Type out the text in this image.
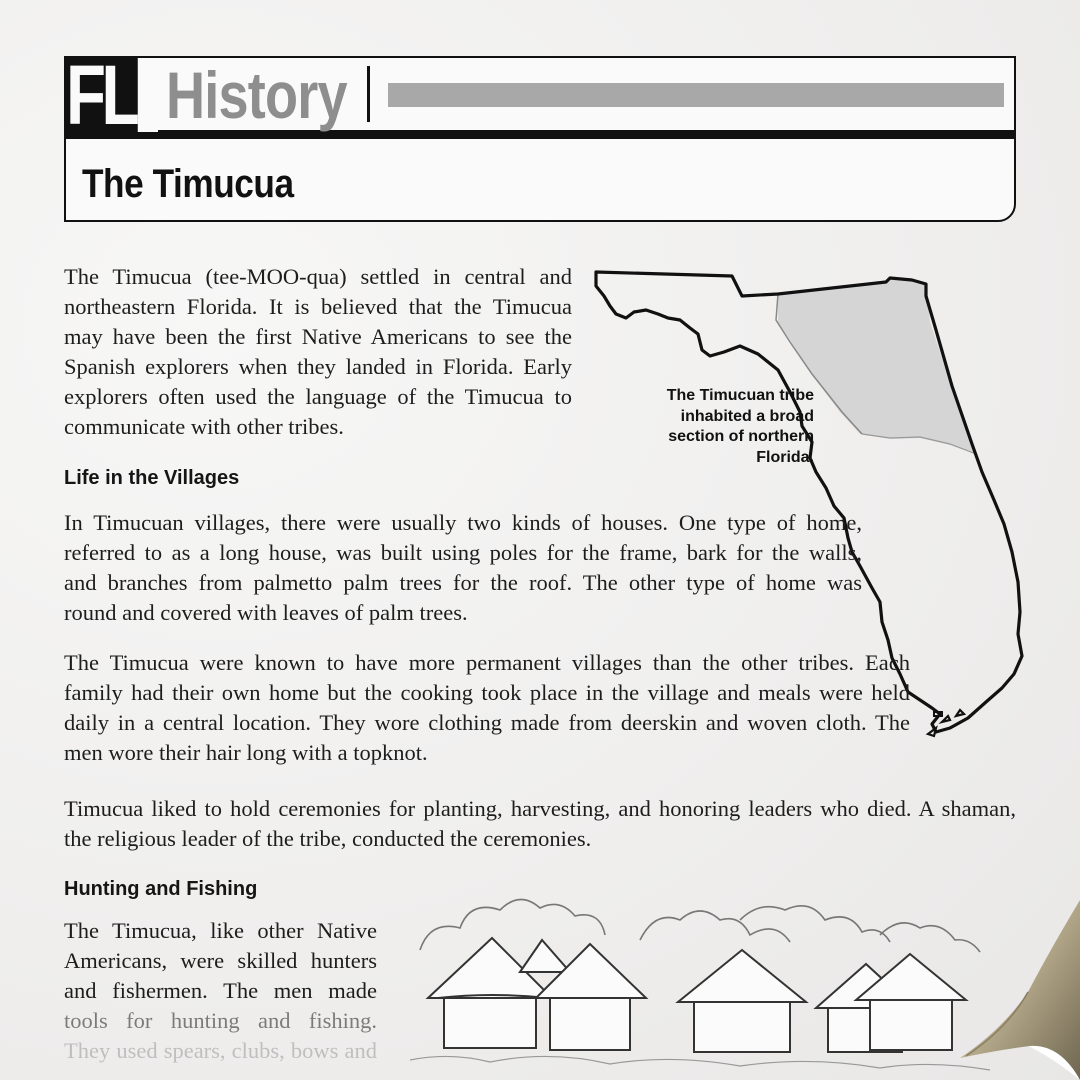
FL History
The Timucua
The Timucua (tee-MOO-qua) settled in central and
northeastern Florida. It is believed that the Timucua
may have been the first Native Americans to see the
Spanish explorers when they landed in Florida. Early
explorers often used the language of the Timucua to
communicate with other tribes.
The Timucuan tribe
inhabited a broad
section of northern
Florida.
Life in the Villages
In Timucuan villages, there were usually two kinds of houses. One type of home,
referred to as a long house, was built using poles for the frame, bark for the walls,
and branches from palmetto palm trees for the roof. The other type of home was
round and covered with leaves of palm trees.
The Timucua were known to have more permanent villages than the other tribes. Each
family had their own home but the cooking took place in the village and meals were held
daily in a central location. They wore clothing made from deerskin and woven cloth. The
men wore their hair long with a topknot.
Timucua liked to hold ceremonies for planting, harvesting, and honoring leaders who died. A shaman,
the religious leader of the tribe, conducted the ceremonies.
Hunting and Fishing
The Timucua, like other Native
Americans, were skilled hunters
and fishermen. The men made
tools for hunting and fishing.
They used spears, clubs, bows and
